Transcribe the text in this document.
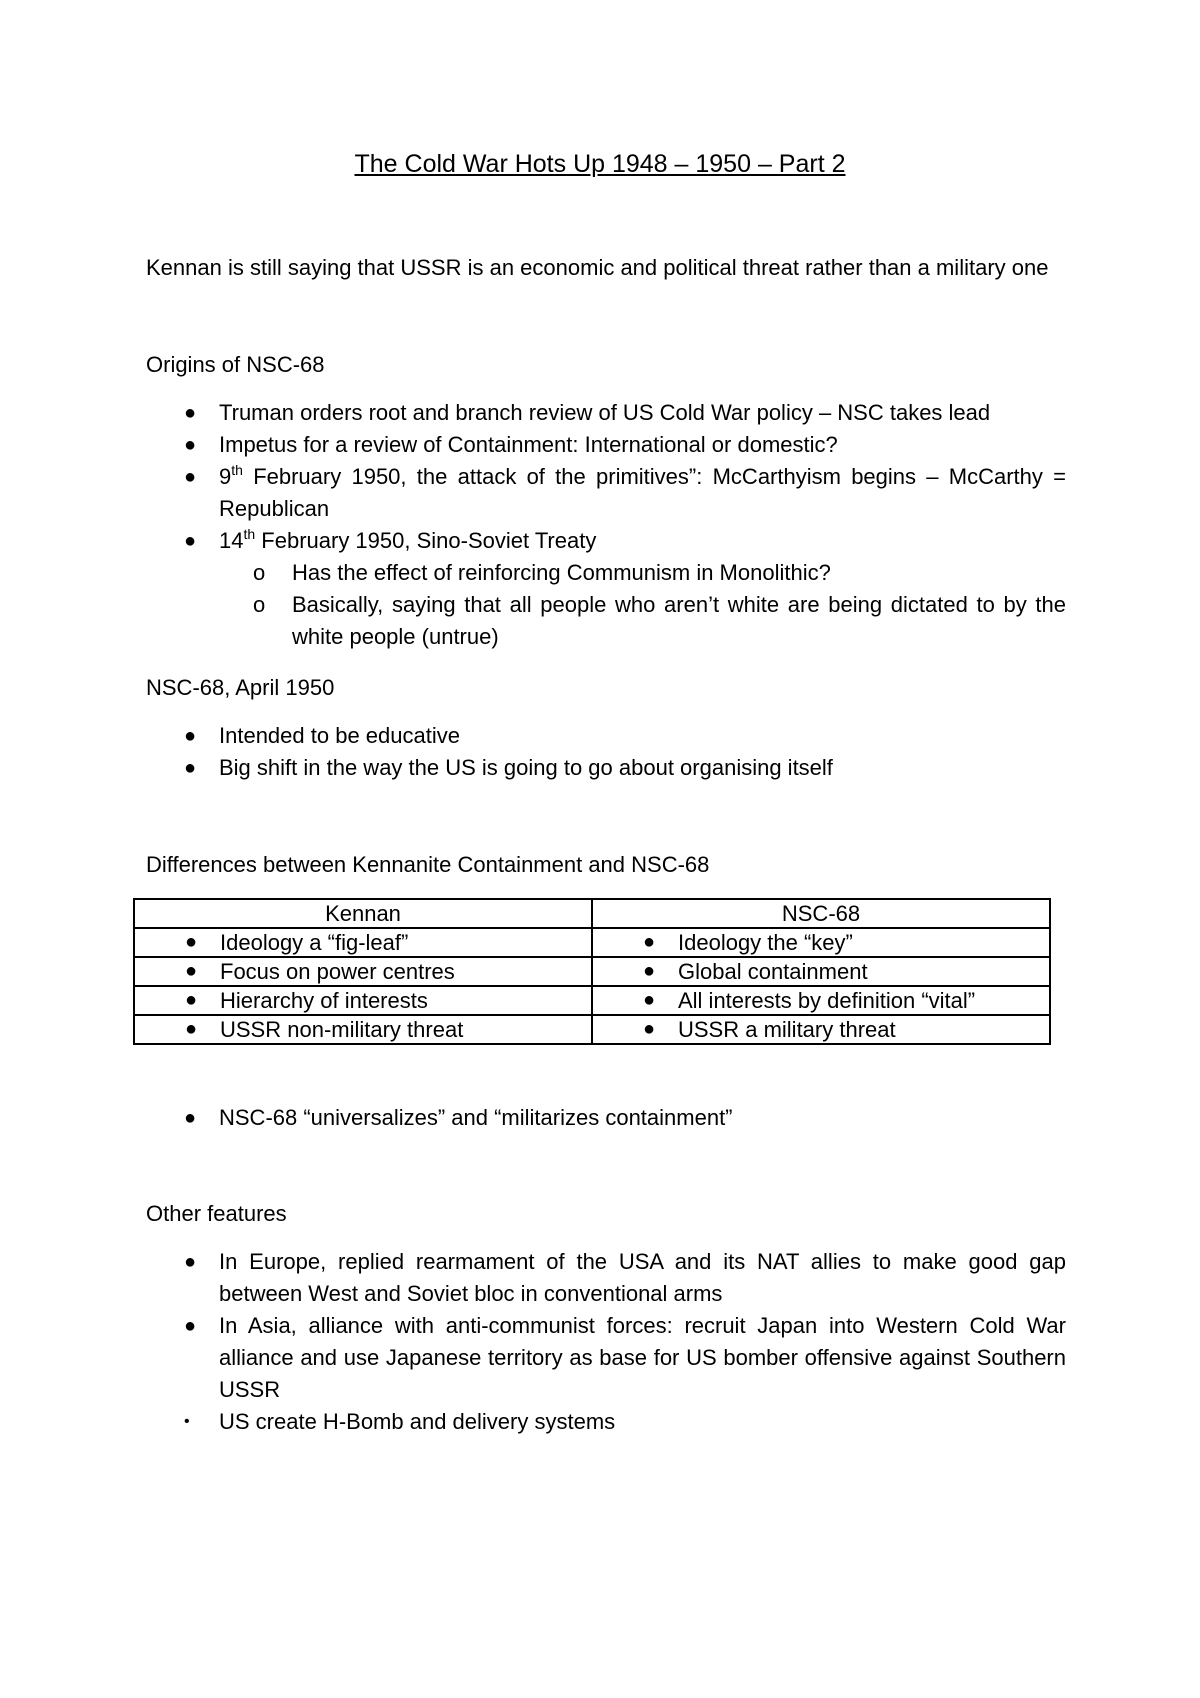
The Cold War Hots Up 1948 – 1950 – Part 2

Kennan is still saying that USSR is an economic and political threat rather than a military one

Origins of NSC-68

● Truman orders root and branch review of US Cold War policy – NSC takes lead
● Impetus for a review of Containment: International or domestic?
● 9th February 1950, the attack of the primitives”: McCarthyism begins – McCarthy = Republican
● 14th February 1950, Sino-Soviet Treaty
o Has the effect of reinforcing Communism in Monolithic?
o Basically, saying that all people who aren’t white are being dictated to by the white people (untrue)

NSC-68, April 1950

● Intended to be educative
● Big shift in the way the US is going to go about organising itself

Differences between Kennanite Containment and NSC-68

Kennan	NSC-68

● Ideology a “fig-leaf”	● Ideology the “key”

● Focus on power centres	● Global containment

● Hierarchy of interests	● All interests by definition “vital”

● USSR non-military threat	● USSR a military threat
● NSC-68 “universalizes” and “militarizes containment”

Other features

● In Europe, replied rearmament of the USA and its NAT allies to make good gap between West and Soviet bloc in conventional arms
● In Asia, alliance with anti-communist forces: recruit Japan into Western Cold War alliance and use Japanese territory as base for US bomber offensive against Southern USSR
• US create H-Bomb and delivery systems
